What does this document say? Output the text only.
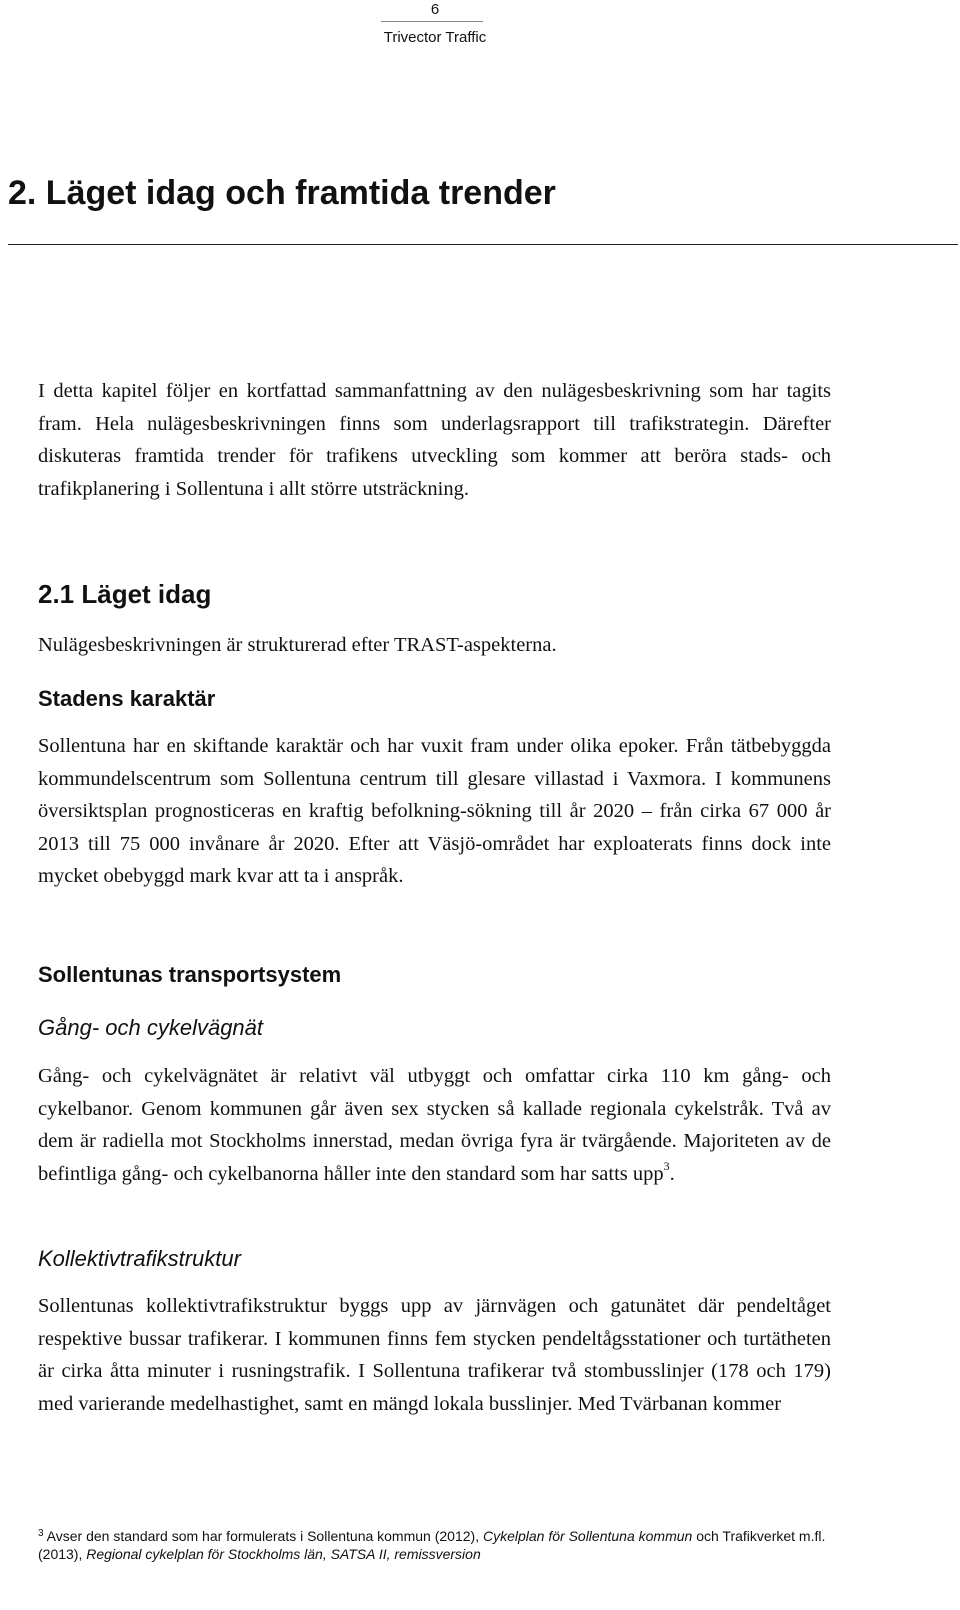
6
Trivector Traffic
2. Läget idag och framtida trender

I detta kapitel följer en kortfattad sammanfattning av den nulägesbeskrivning som har tagits fram. Hela nulägesbeskrivningen finns som underlagsrapport till trafikstrategin. Därefter diskuteras framtida trender för trafikens utveckling som kommer att beröra stads- och trafikplanering i Sollentuna i allt större utsträckning.

2.1 Läget idag

Nulägesbeskrivningen är strukturerad efter TRAST-aspekterna.

Stadens karaktär

Sollentuna har en skiftande karaktär och har vuxit fram under olika epoker. Från tätbebyggda kommundelscentrum som Sollentuna centrum till glesare villastad i Vaxmora. I kommunens översiktsplan prognosticeras en kraftig befolkning-sökning till år 2020 – från cirka 67 000 år 2013 till 75 000 invånare år 2020. Efter att Väsjö-området har exploaterats finns dock inte mycket obebyggd mark kvar att ta i anspråk.

Sollentunas transportsystem
Gång- och cykelvägnät

Gång- och cykelvägnätet är relativt väl utbyggt och omfattar cirka 110 km gång- och cykelbanor. Genom kommunen går även sex stycken så kallade regionala cykelstråk. Två av dem är radiella mot Stockholms innerstad, medan övriga fyra är tvärgående. Majoriteten av de befintliga gång- och cykelbanorna håller inte den standard som har satts upp$^3$.

Kollektivtrafikstruktur

Sollentunas kollektivtrafikstruktur byggs upp av järnvägen och gatunätet där pendeltåget respektive bussar trafikerar. I kommunen finns fem stycken pendeltågsstationer och turtätheten är cirka åtta minuter i rusningstrafik. I Sollentuna trafikerar två stombusslinjer (178 och 179) med varierande medelhastighet, samt en mängd lokala busslinjer. Med Tvärbanan kommer

$^3$ Avser den standard som har formulerats i Sollentuna kommun (2012), Cykelplan för Sollentuna kommun och Trafikverket m.fl. (2013), Regional cykelplan för Stockholms län, SATSA II, remissversion
